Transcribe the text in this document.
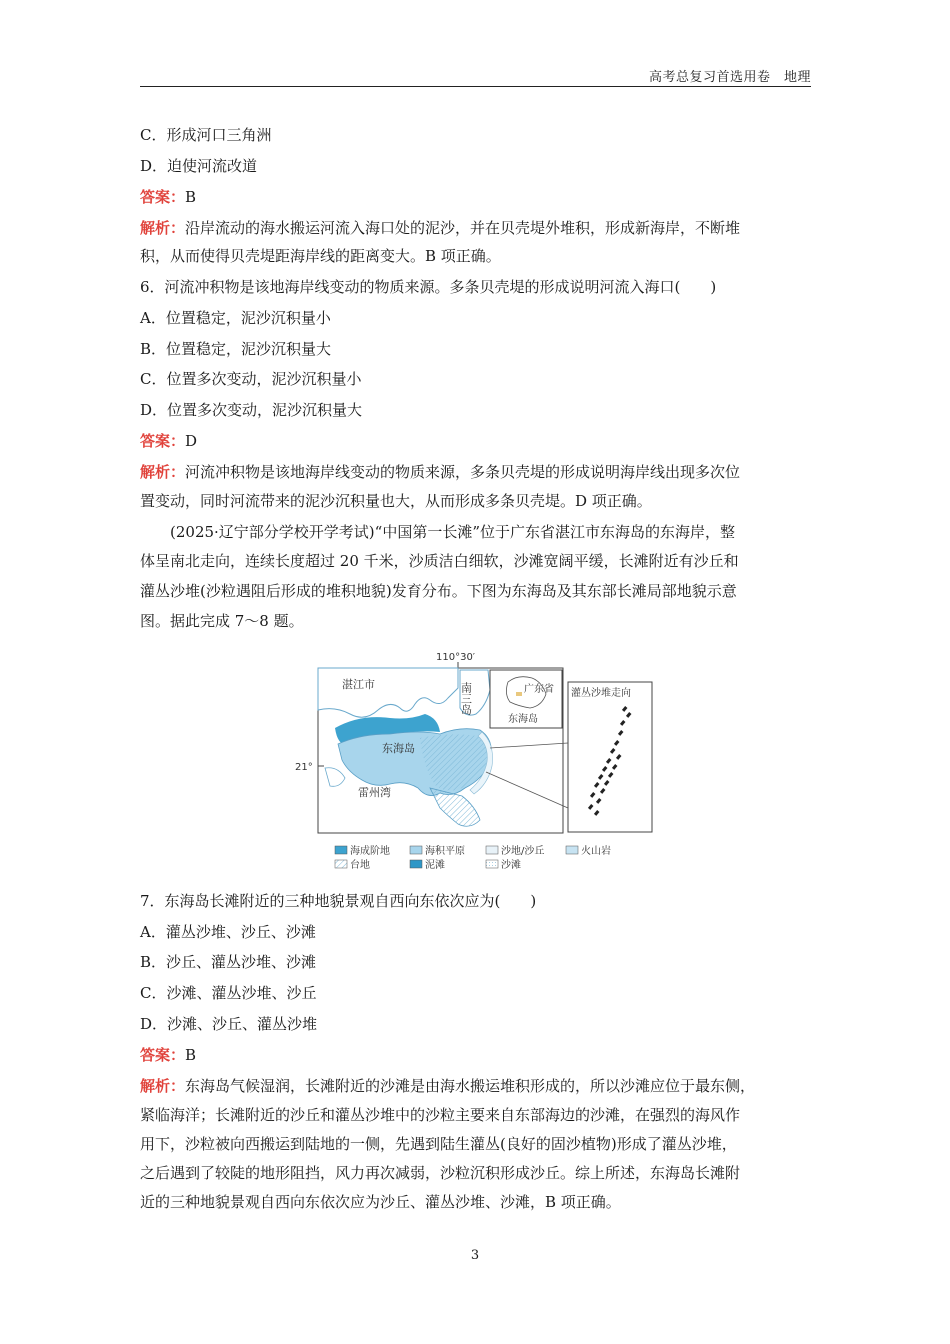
高考总复习首选用卷　地理
C．形成河口三角洲
D．迫使河流改道
答案：B
解析：沿岸流动的海水搬运河流入海口处的泥沙，并在贝壳堤外堆积，形成新海岸，不断堆
积，从而使得贝壳堤距海岸线的距离变大。B 项正确。
6．河流冲积物是该地海岸线变动的物质来源。多条贝壳堤的形成说明河流入海口(　　)
A．位置稳定，泥沙沉积量小
B．位置稳定，泥沙沉积量大
C．位置多次变动，泥沙沉积量小
D．位置多次变动，泥沙沉积量大
答案：D
解析：河流冲积物是该地海岸线变动的物质来源，多条贝壳堤的形成说明海岸线出现多次位
置变动，同时河流带来的泥沙沉积量也大，从而形成多条贝壳堤。D 项正确。
　　(2025·辽宁部分学校开学考试)“中国第一长滩”位于广东省湛江市东海岛的东海岸，整
体呈南北走向，连续长度超过 20 千米，沙质洁白细软，沙滩宽阔平缓，长滩附近有沙丘和
灌丛沙堆(沙粒遇阻后形成的堆积地貌)发育分布。下图为东海岛及其东部长滩局部地貌示意
图。据此完成 7～8 题。
21°
110°30′
湛江市	南三岛
东海岛
雷州湾
广东省
东海岛
灌丛沙堆走向
海成阶地	海积平原	沙地/沙丘	火山岩
台地	泥滩	沙滩
7．东海岛长滩附近的三种地貌景观自西向东依次应为(　　)
A．灌丛沙堆、沙丘、沙滩
B．沙丘、灌丛沙堆、沙滩
C．沙滩、灌丛沙堆、沙丘
D．沙滩、沙丘、灌丛沙堆
答案：B
解析：东海岛气候湿润，长滩附近的沙滩是由海水搬运堆积形成的，所以沙滩应位于最东侧，
紧临海洋；长滩附近的沙丘和灌丛沙堆中的沙粒主要来自东部海边的沙滩，在强烈的海风作
用下，沙粒被向西搬运到陆地的一侧，先遇到陆生灌丛(良好的固沙植物)形成了灌丛沙堆，
之后遇到了较陡的地形阻挡，风力再次减弱，沙粒沉积形成沙丘。综上所述，东海岛长滩附
近的三种地貌景观自西向东依次应为沙丘、灌丛沙堆、沙滩，B 项正确。
3
